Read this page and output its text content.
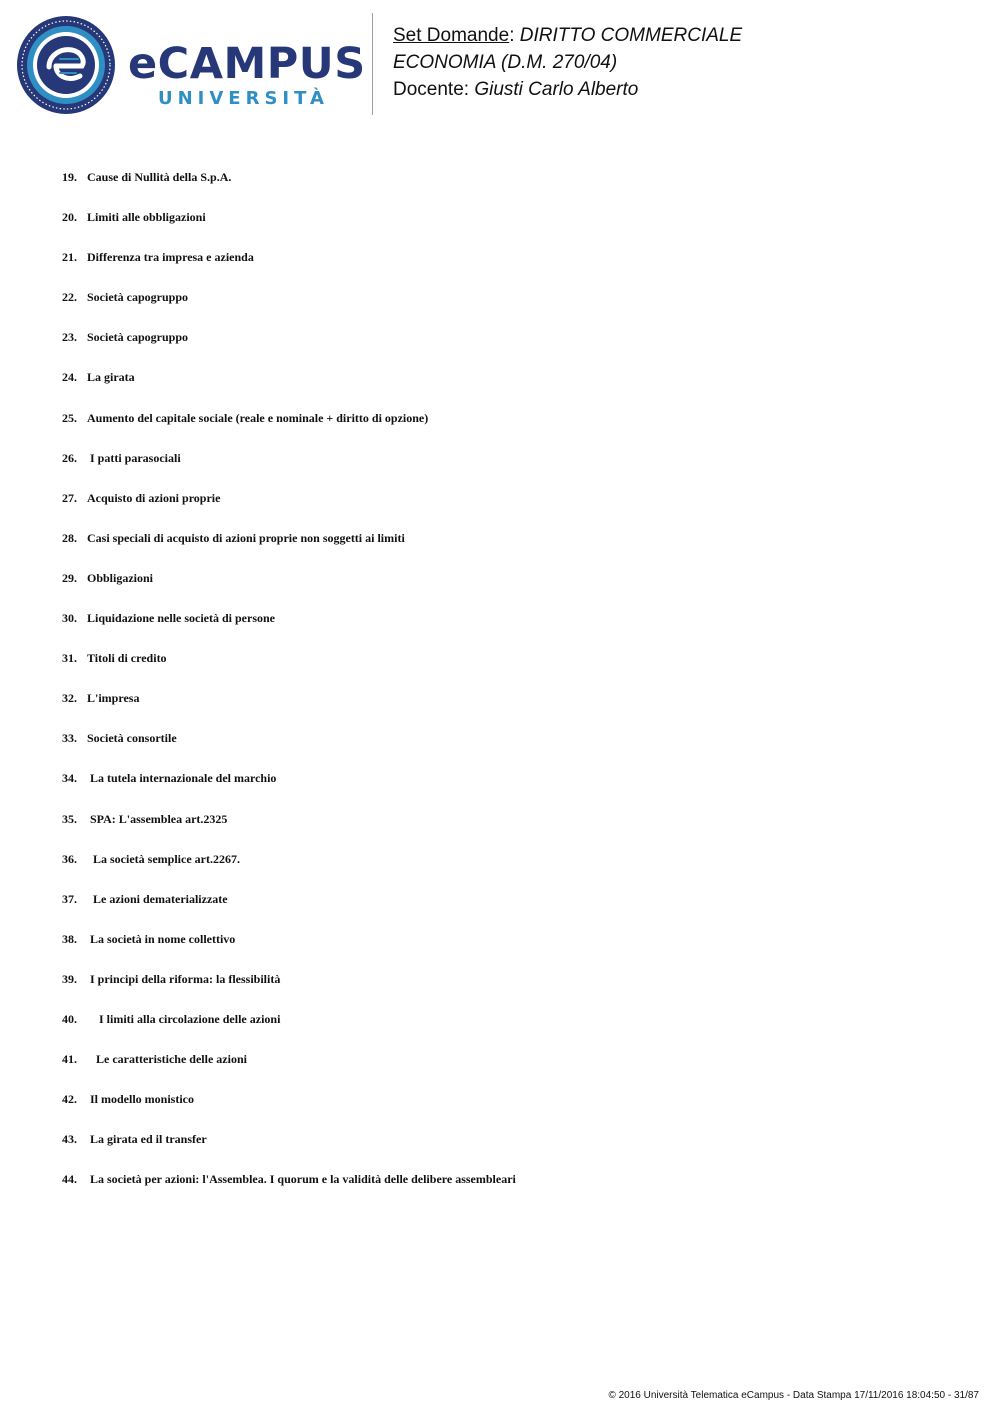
eCAMPUS
UNIVERSITÀ
Set Domande: DIRITTO COMMERCIALE
ECONOMIA (D.M. 270/04)
Docente: Giusti Carlo Alberto
19. Cause di Nullità della S.p.A.
20. Limiti alle obbligazioni
21. Differenza tra impresa e azienda
22. Società capogruppo
23. Società capogruppo
24. La girata
25. Aumento del capitale sociale (reale e nominale + diritto di opzione)
26. I patti parasociali
27. Acquisto di azioni proprie
28. Casi speciali di acquisto di azioni proprie non soggetti ai limiti
29. Obbligazioni
30. Liquidazione nelle società di persone
31. Titoli di credito
32. L'impresa
33. Società consortile
34. La tutela internazionale del marchio
35. SPA: L'assemblea art.2325
36.  La società semplice art.2267.
37.  Le azioni dematerializzate
38. La società in nome collettivo
39. I principi della riforma: la flessibilità
40.    I limiti alla circolazione delle azioni
41.   Le caratteristiche delle azioni
42. Il modello monistico
43. La girata ed il transfer
44. La società per azioni: l'Assemblea. I quorum e la validità delle delibere assembleari
© 2016 Università Telematica eCampus - Data Stampa 17/11/2016 18:04:50 - 31/87
